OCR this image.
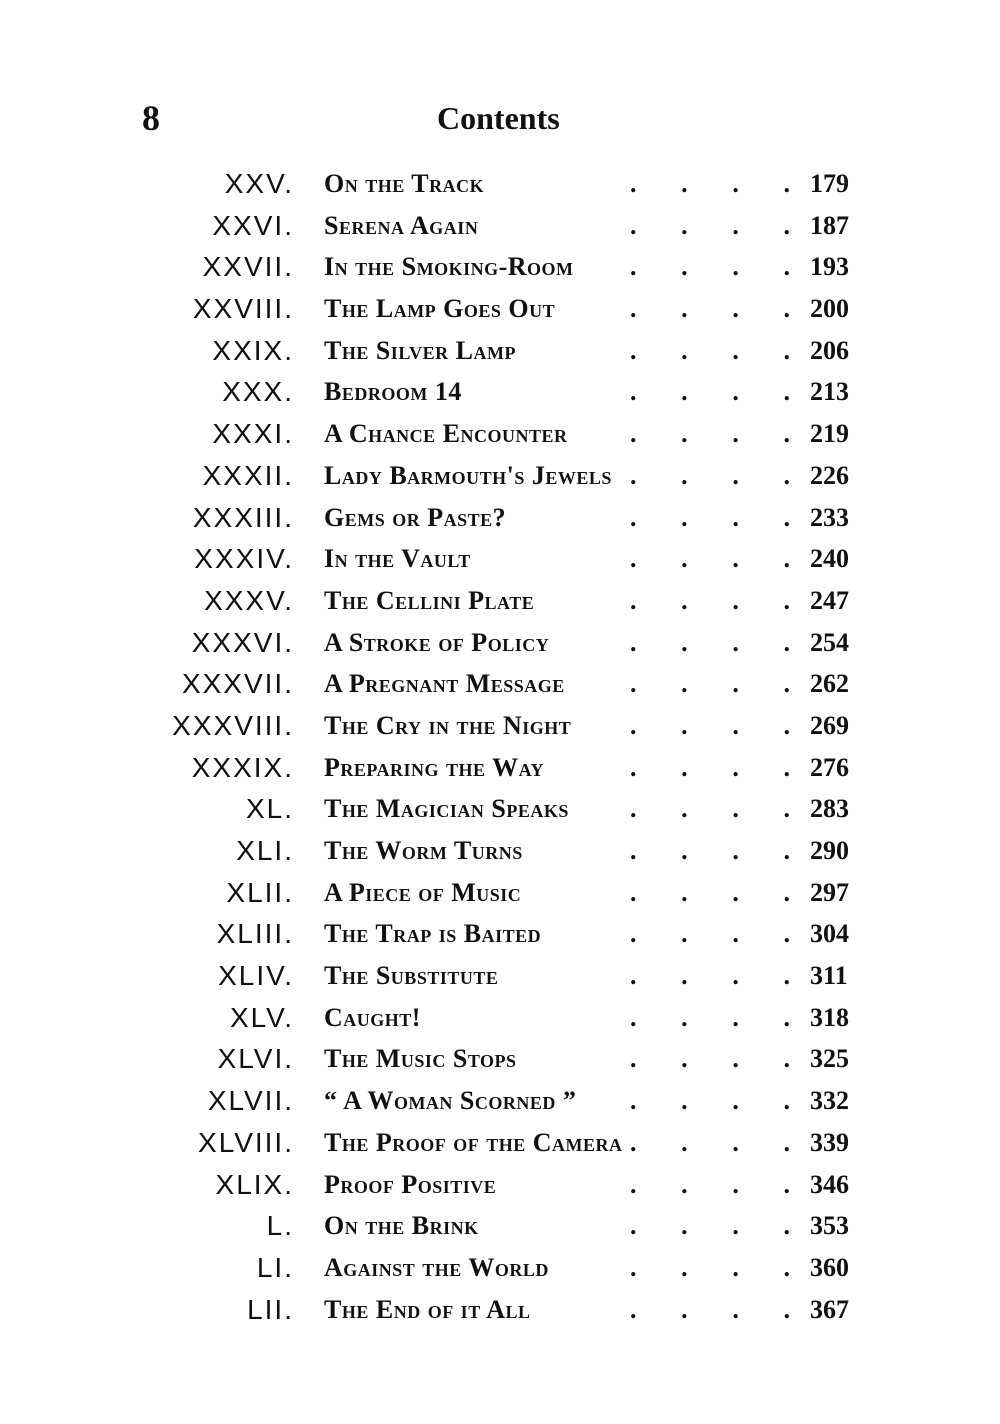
8	Contents
XXV. On the Track	. . . . 179
XXVI. Serena Again	. . . . 187
XXVII. In the Smoking-Room . . . . 193
XXVIII. The Lamp Goes Out	. . . . 200
XXIX. The Silver Lamp	. . . . 206
XXX. Bedroom 14	. . . . 213
XXXI. A Chance Encounter . . . . 219
XXXII. Lady Barmouth's Jewels . . . . 226
XXXIII. Gems or Paste?	. . . . 233
XXXIV. In the Vault	. . . . 240
XXXV. The Cellini Plate	. . . . 247
XXXVI. A Stroke of Policy	. . . . 254
XXXVII. A Pregnant Message	. . . . 262
XXXVIII. The Cry in the Night . . . . 269
XXXIX. Preparing the Way	. . . . 276
XL. The Magician Speaks . . . . 283
XLI. The Worm Turns	. . . . 290
XLII. A Piece of Music	. . . . 297
XLIII. The Trap is Baited	. . . . 304
XLIV. The Substitute	. . . . 311
XLV. Caught!	. . . . 318
XLVI. The Music Stops	. . . . 325
XLVII. “ A Woman Scorned ” . . . . 332
XLVIII. The Proof of the Camera . . . . 339
XLIX. Proof Positive	. . . . 346
L. On the Brink	. . . . 353
LI. Against the World	. . . . 360
LII. The End of it All	. . . . 367
